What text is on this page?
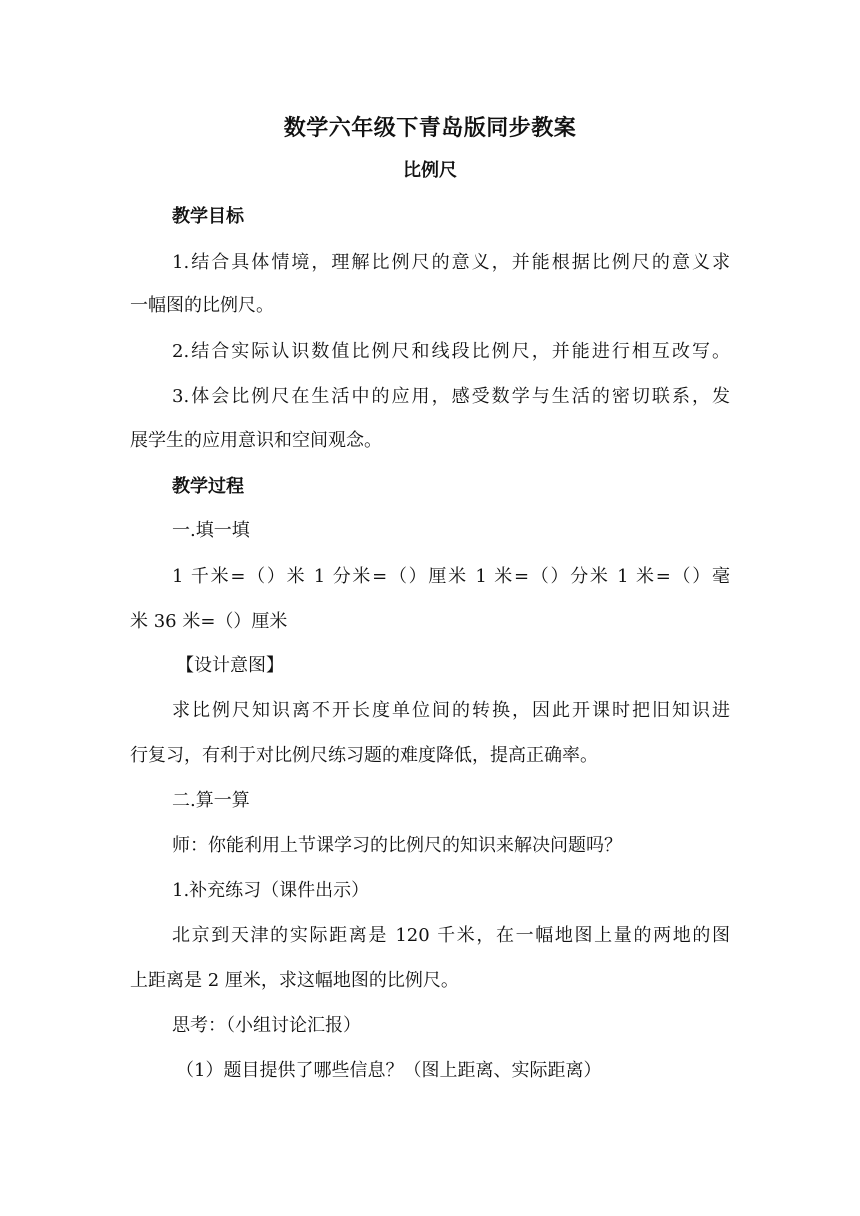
数学六年级下青岛版同步教案
比例尺
教学目标
1.结合具体情境，理解比例尺的意义，并能根据比例尺的意义求
一幅图的比例尺。
2.结合实际认识数值比例尺和线段比例尺，并能进行相互改写。
3.体会比例尺在生活中的应用，感受数学与生活的密切联系，发
展学生的应用意识和空间观念。
教学过程
一.填一填
1 千米=（）米 1 分米=（）厘米 1 米=（）分米 1 米=（）毫
米 36 米=（）厘米
【设计意图】
求比例尺知识离不开长度单位间的转换，因此开课时把旧知识进
行复习，有利于对比例尺练习题的难度降低，提高正确率。
二.算一算
师：你能利用上节课学习的比例尺的知识来解决问题吗？
1.补充练习（课件出示）
北京到天津的实际距离是 120 千米，在一幅地图上量的两地的图
上距离是 2 厘米，求这幅地图的比例尺。
思考：（小组讨论汇报）
（1）题目提供了哪些信息？（图上距离、实际距离）
